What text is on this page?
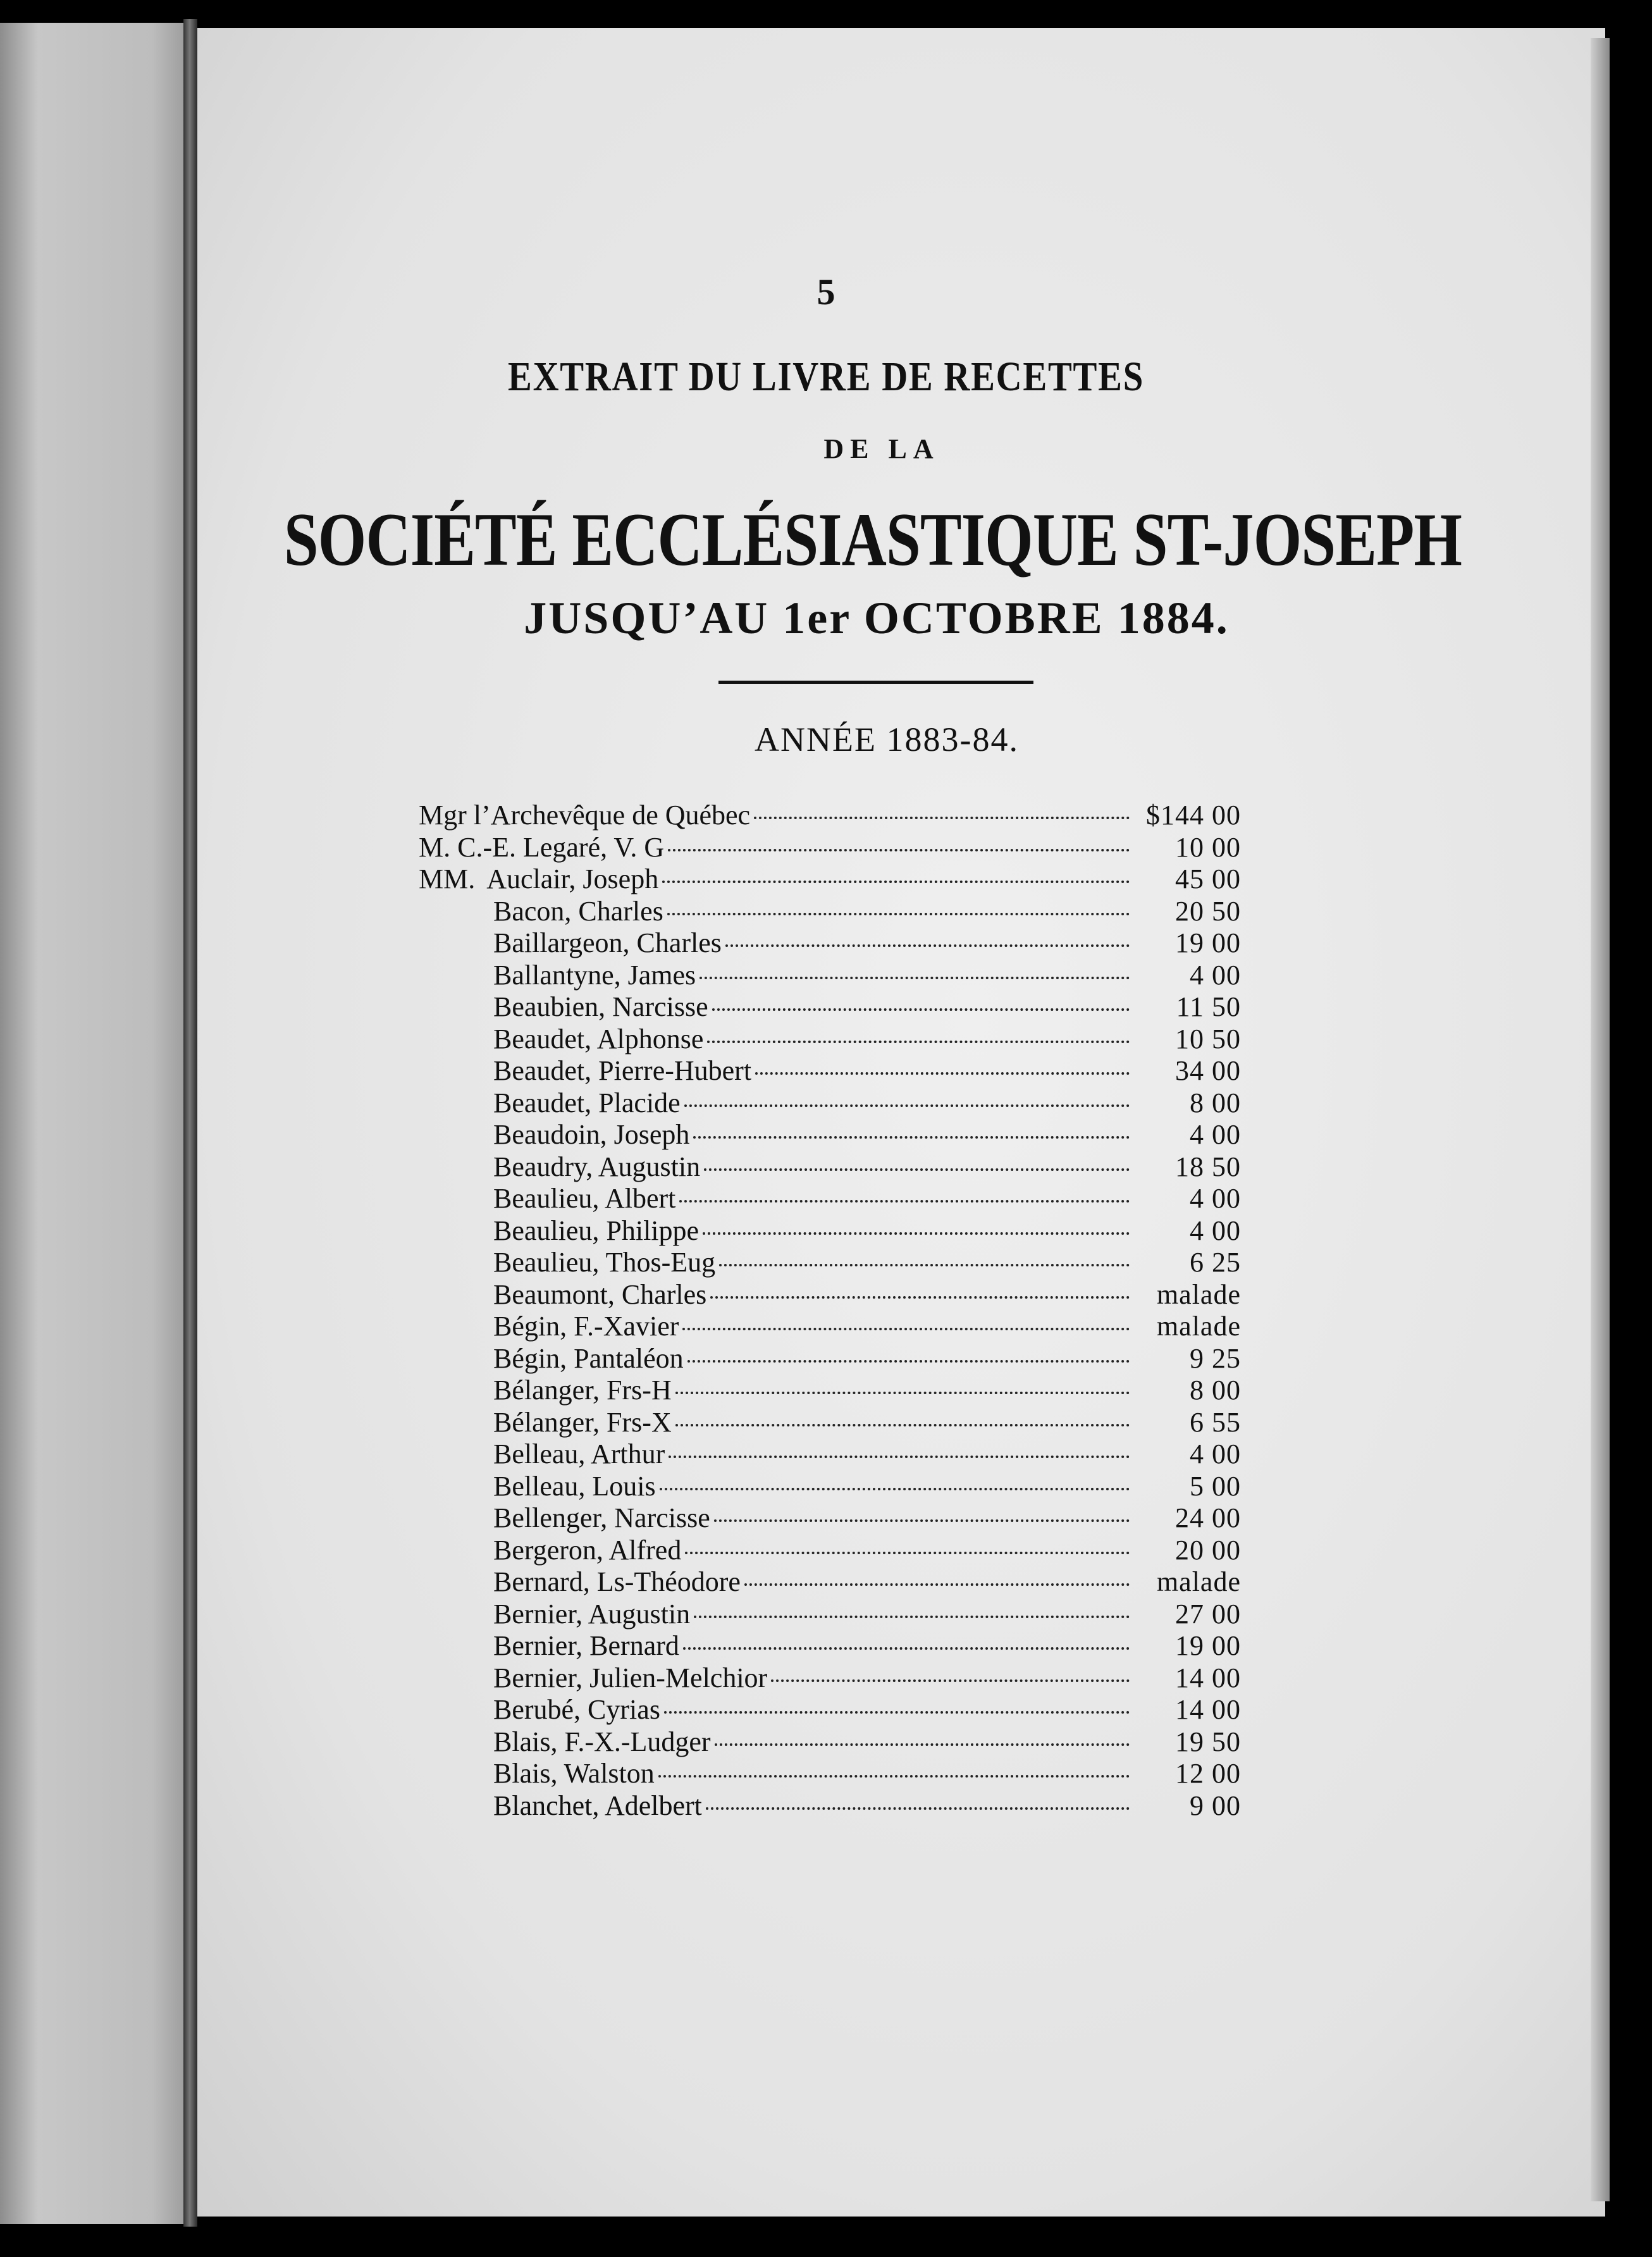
5
EXTRAIT DU LIVRE DE RECETTES
DE LA
SOCIÉTÉ ECCLÉSIASTIQUE ST-JOSEPH
JUSQU’AU 1er OCTOBRE 1884.
ANNÉE 1883-84.
Mgr l’Archevêque de Québec	$144 00
M. C.-E. Legaré, V. G	10 00
MM. Auclair, Joseph	45 00
Bacon, Charles	20 50
Baillargeon, Charles	19 00
Ballantyne, James	4 00
Beaubien, Narcisse	11 50
Beaudet, Alphonse	10 50
Beaudet, Pierre-Hubert	34 00
Beaudet, Placide	8 00
Beaudoin, Joseph	4 00
Beaudry, Augustin	18 50
Beaulieu, Albert	4 00
Beaulieu, Philippe	4 00
Beaulieu, Thos-Eug	6 25
Beaumont, Charles	malade
Bégin, F.-Xavier	malade
Bégin, Pantaléon	9 25
Bélanger, Frs-H	8 00
Bélanger, Frs-X	6 55
Belleau, Arthur	4 00
Belleau, Louis	5 00
Bellenger, Narcisse	24 00
Bergeron, Alfred	20 00
Bernard, Ls-Théodore	malade
Bernier, Augustin	27 00
Bernier, Bernard	19 00
Bernier, Julien-Melchior	14 00
Berubé, Cyrias	14 00
Blais, F.-X.-Ludger	19 50
Blais, Walston	12 00
Blanchet, Adelbert	9 00
